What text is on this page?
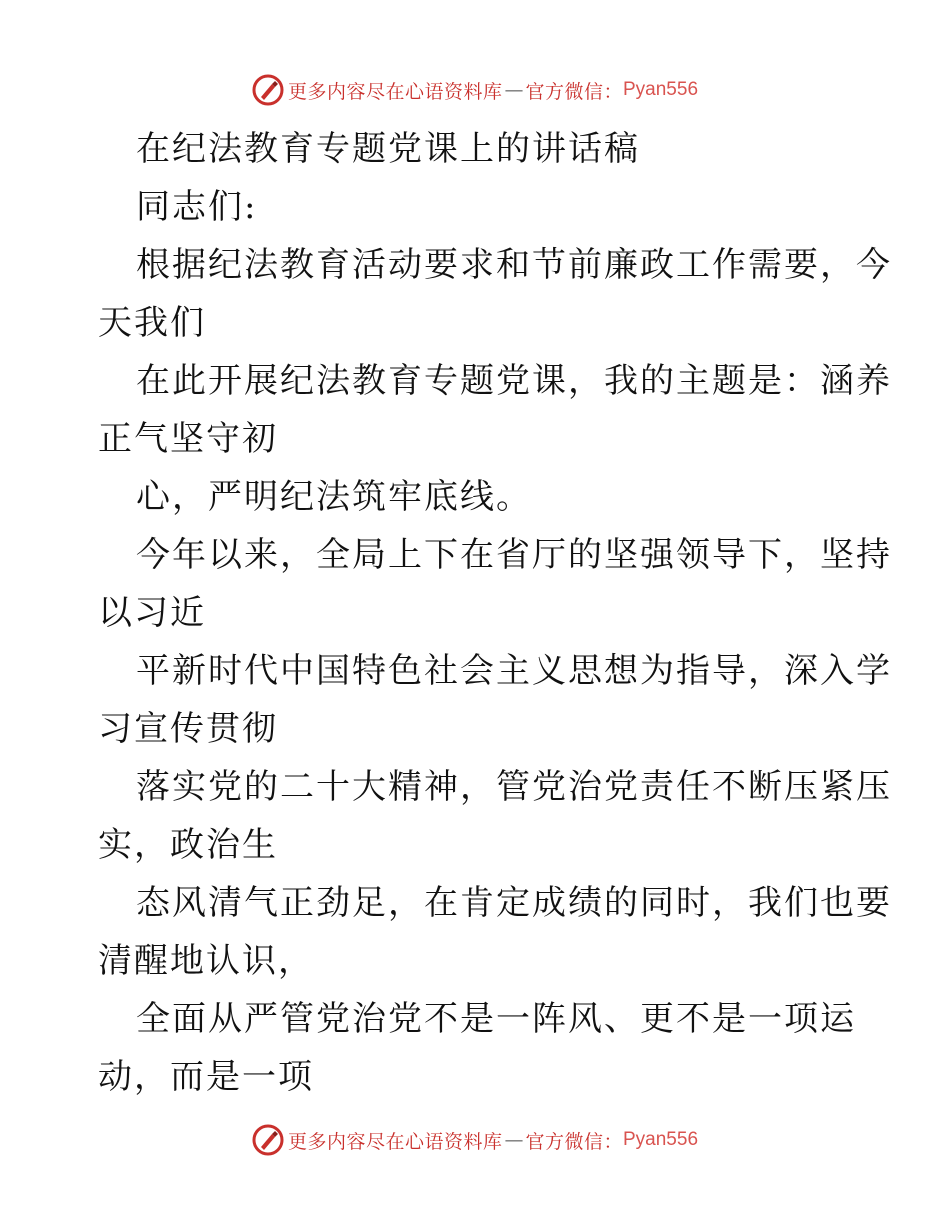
更多内容尽在心语资料库 — 官方微信： Pyan556
在纪法教育专题党课上的讲话稿
同志们:
根据纪法教育活动要求和节前廉政工作需要，今
天我们
在此开展纪法教育专题党课，我的主题是：涵养
正气坚守初
心，严明纪法筑牢底线。
今年以来，全局上下在省厅的坚强领导下，坚持
以习近
平新时代中国特色社会主义思想为指导，深入学
习宣传贯彻
落实党的二十大精神，管党治党责任不断压紧压
实，政治生
态风清气正劲足，在肯定成绩的同时，我们也要
清醒地认识，
全面从严管党治党不是一阵风、更不是一项运
动，而是一项
更多内容尽在心语资料库 — 官方微信： Pyan556
